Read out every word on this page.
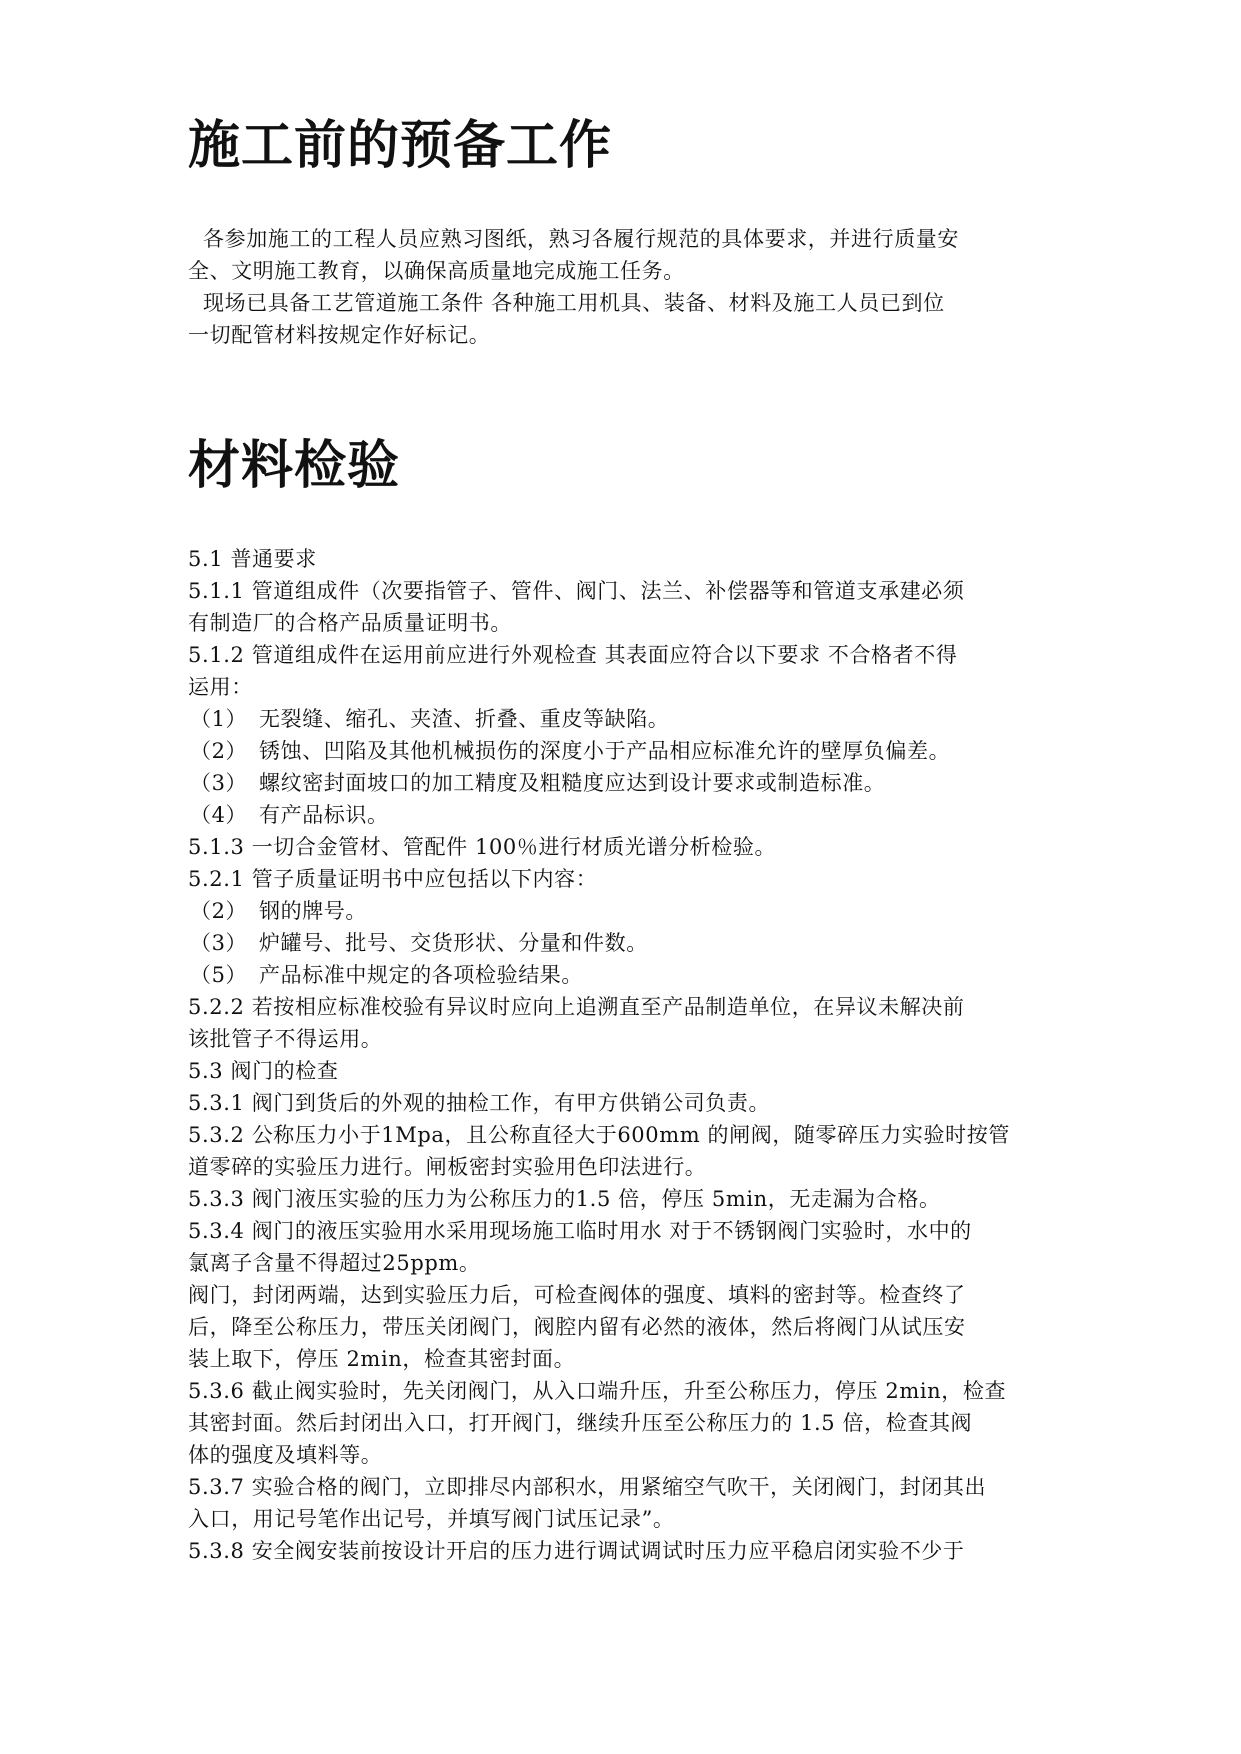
施工前的预备工作

各参加施工的工程人员应熟习图纸，熟习各履行规范的具体要求，并进行质量安

全、文明施工教育，以确保高质量地完成施工任务。

现场已具备工艺管道施工条件 各种施工用机具、装备、材料及施工人员已到位

一切配管材料按规定作好标记。

材料检验

5.1 普通要求

5.1.1 管道组成件（次要指管子、管件、阀门、法兰、补偿器等和管道支承建必须

有制造厂的合格产品质量证明书。

5.1.2 管道组成件在运用前应进行外观检查 其表面应符合以下要求 不合格者不得

运用：

（1） 无裂缝、缩孔、夹渣、折叠、重皮等缺陷。

（2） 锈蚀、凹陷及其他机械损伤的深度小于产品相应标准允许的壁厚负偏差。

（3） 螺纹密封面坡口的加工精度及粗糙度应达到设计要求或制造标准。

（4） 有产品标识。

5.1.3 一切合金管材、管配件 100％进行材质光谱分析检验。

5.2.1 管子质量证明书中应包括以下内容：

（2） 钢的牌号。

（3） 炉罐号、批号、交货形状、分量和件数。

（5） 产品标准中规定的各项检验结果。

5.2.2 若按相应标准校验有异议时应向上追溯直至产品制造单位，在异议未解决前

该批管子不得运用。

5.3 阀门的检查

5.3.1 阀门到货后的外观的抽检工作，有甲方供销公司负责。

5.3.2 公称压力小于1Mpa，且公称直径大于600mm 的闸阀，随零碎压力实验时按管

道零碎的实验压力进行。闸板密封实验用色印法进行。

5.3.3 阀门液压实验的压力为公称压力的1.5 倍，停压 5min，无走漏为合格。

5.3.4 阀门的液压实验用水采用现场施工临时用水 对于不锈钢阀门实验时，水中的

氯离子含量不得超过25ppm。

阀门，封闭两端，达到实验压力后，可检查阀体的强度、填料的密封等。检查终了

后，降至公称压力，带压关闭阀门，阀腔内留有必然的液体，然后将阀门从试压安

装上取下，停压 2min，检查其密封面。

5.3.6 截止阀实验时，先关闭阀门，从入口端升压，升至公称压力，停压 2min，检查

其密封面。然后封闭出入口，打开阀门，继续升压至公称压力的 1.5 倍，检查其阀

体的强度及填料等。

5.3.7 实验合格的阀门，立即排尽内部积水，用紧缩空气吹干，关闭阀门，封闭其出

入口，用记号笔作出记号，并填写阀门试压记录”。

5.3.8 安全阀安装前按设计开启的压力进行调试调试时压力应平稳启闭实验不少于
